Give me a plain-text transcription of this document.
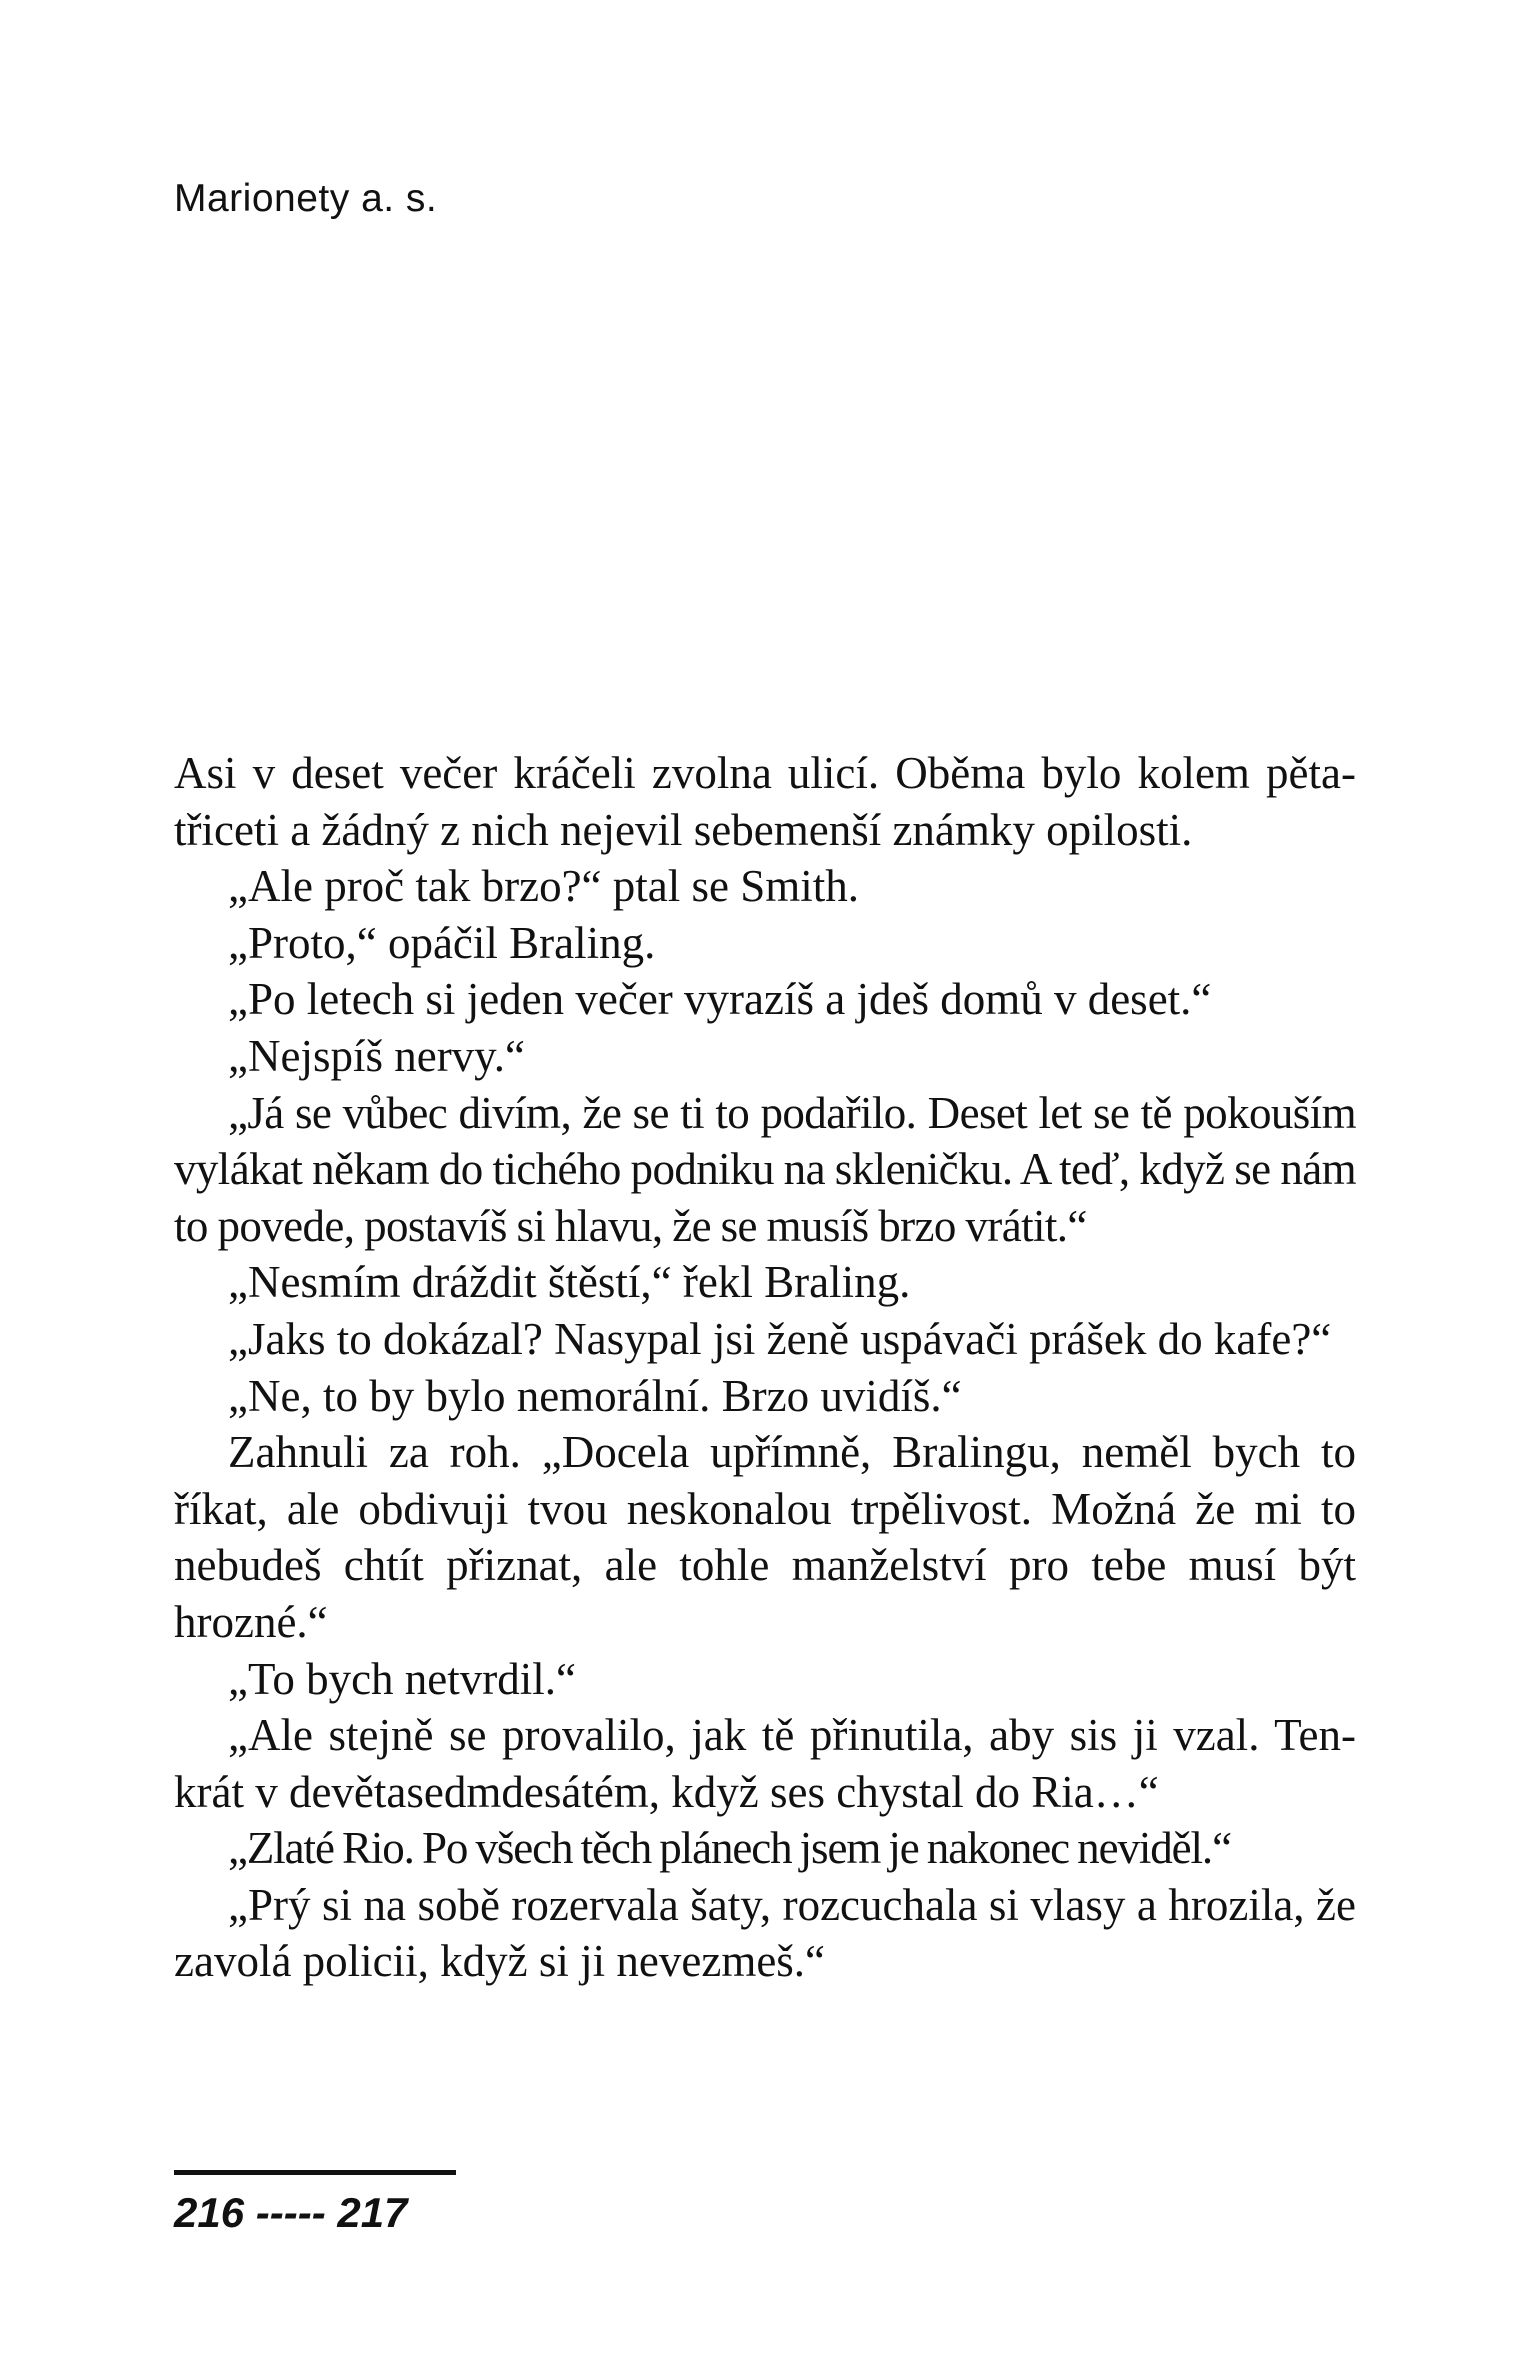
Marionety a. s.

Asi v deset večer kráčeli zvolna ulicí. Oběma bylo kolem pětatřiceti a žádný z nich nejevil sebemenší známky opilosti.

„Ale proč tak brzo?“ ptal se Smith.

„Proto,“ opáčil Braling.

„Po letech si jeden večer vyrazíš a jdeš domů v deset.“

„Nejspíš nervy.“

„Já se vůbec divím, že se ti to podařilo. Deset let se tě pokouším vylákat někam do tichého podniku na skleničku. A teď, když se nám to povede, postavíš si hlavu, že se musíš brzo vrátit.“

„Nesmím dráždit štěstí,“ řekl Braling.

„Jaks to dokázal? Nasypal jsi ženě uspávači prášek do kafe?“

„Ne, to by bylo nemorální. Brzo uvidíš.“

Zahnuli za roh. „Docela upřímně, Bralingu, neměl bych to říkat, ale obdivuji tvou neskonalou trpělivost. Možná že mi to nebudeš chtít přiznat, ale tohle manželství pro tebe musí být hrozné.“

„To bych netvrdil.“

„Ale stejně se provalilo, jak tě přinutila, aby sis ji vzal. Tenkrát v devětasedmdesátém, když ses chystal do Ria…“

„Zlaté Rio. Po všech těch plánech jsem je nakonec neviděl.“

„Prý si na sobě rozervala šaty, rozcuchala si vlasy a hrozila, že zavolá policii, když si ji nevezmeš.“

216 ----- 217
